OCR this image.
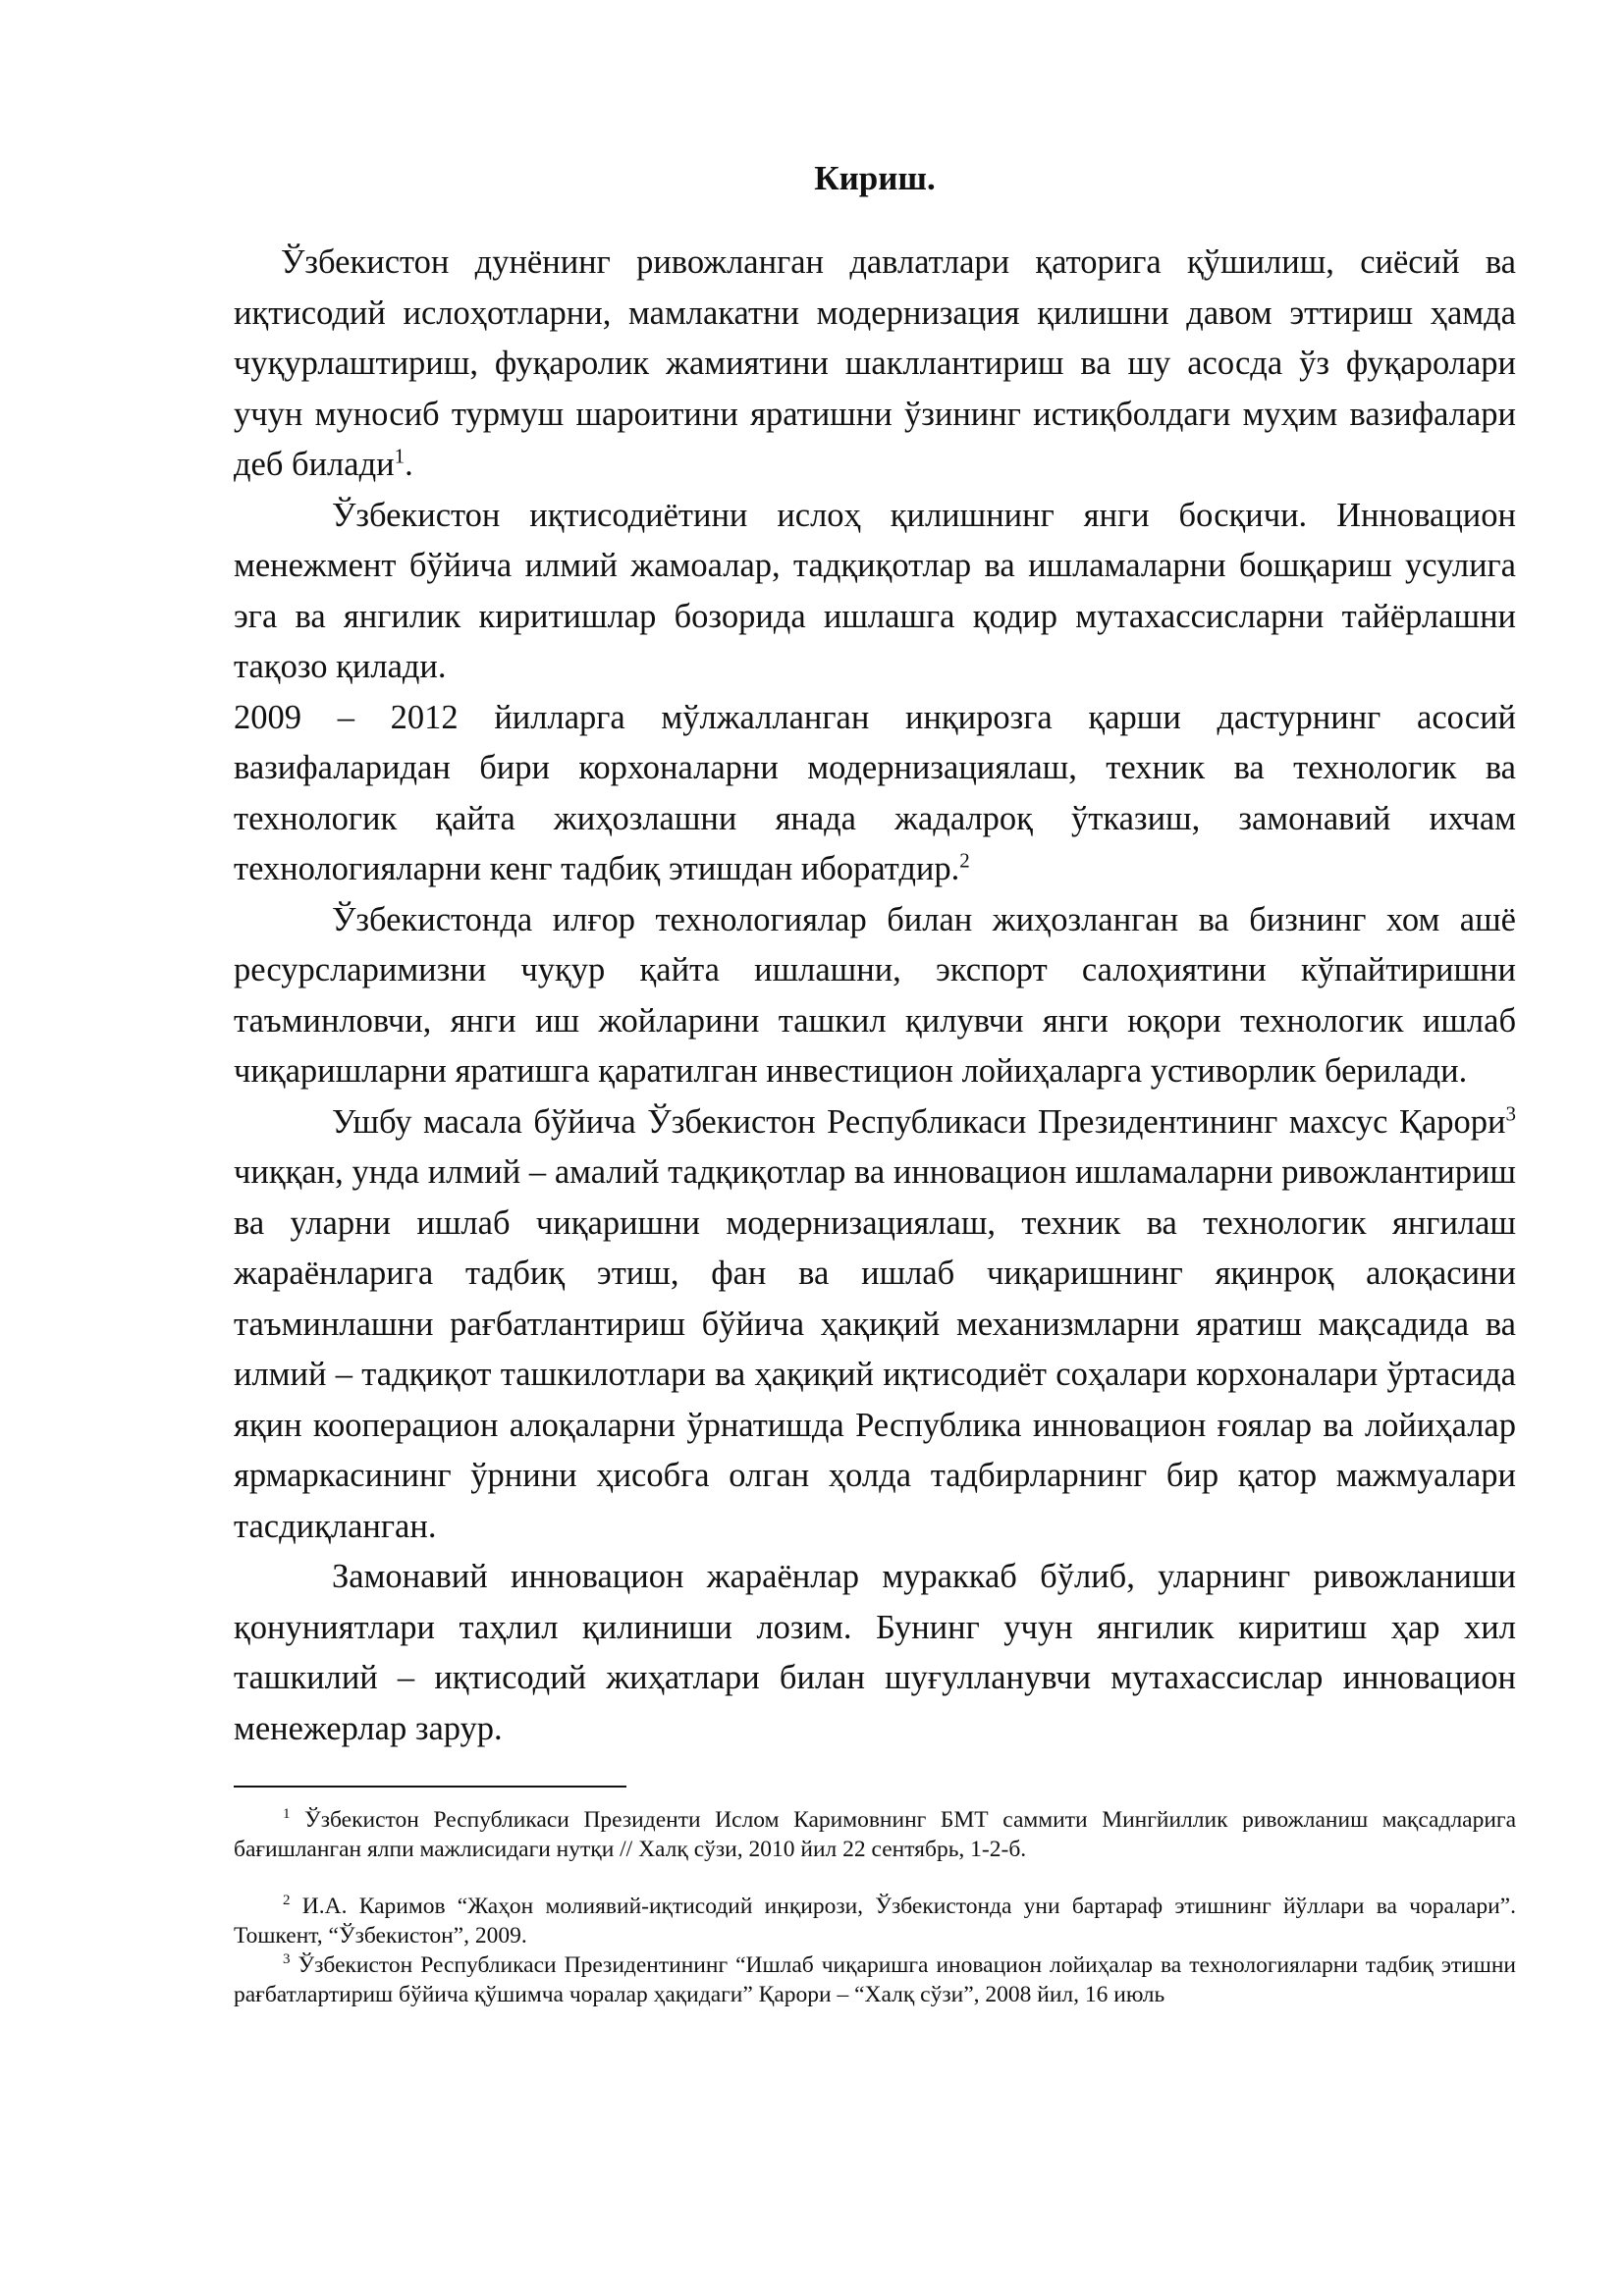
Кириш.

Ўзбекистон дунёнинг ривожланган давлатлари қаторига қўшилиш, сиёсий ва иқтисодий ислоҳотларни, мамлакатни модернизация қилишни давом эттириш ҳамда чуқурлаштириш, фуқаролик жамиятини шакллантириш ва шу асосда ўз фуқаролари учун муносиб турмуш шароитини яратишни ўзининг истиқболдаги муҳим вазифалари деб билади$^1$.

Ўзбекистон иқтисодиётини ислоҳ қилишнинг янги босқичи. Инновацион менежмент бўйича илмий жамоалар, тадқиқотлар ва ишламаларни бошқариш усулига эга ва янгилик киритишлар бозорида ишлашга қодир мутахассисларни тайёрлашни тақозо қилади.

2009 – 2012 йилларга мўлжалланган инқирозга қарши дастурнинг асосий вазифаларидан бири корхоналарни модернизациялаш, техник ва технологик ва технологик қайта жиҳозлашни янада жадалроқ ўтказиш, замонавий ихчам технологияларни кенг тадбиқ этишдан иборатдир.$^2$

Ўзбекистонда илғор технологиялар билан жиҳозланган ва бизнинг хом ашё ресурсларимизни чуқур қайта ишлашни, экспорт салоҳиятини кўпайтиришни таъминловчи, янги иш жойларини ташкил қилувчи янги юқори технологик ишлаб чиқаришларни яратишга қаратилган инвестицион лойиҳаларга устиворлик берилади.

Ушбу масала бўйича Ўзбекистон Республикаси Президентининг махсус Қарори$^3$ чиққан, унда илмий – амалий тадқиқотлар ва инновацион ишламаларни ривожлантириш ва уларни ишлаб чиқаришни модернизациялаш, техник ва технологик янгилаш жараёнларига тадбиқ этиш, фан ва ишлаб чиқаришнинг яқинроқ алоқасини таъминлашни рағбатлантириш бўйича ҳақиқий механизмларни яратиш мақсадида ва илмий – тадқиқот ташкилотлари ва ҳақиқий иқтисодиёт соҳалари корхоналари ўртасида яқин кооперацион алоқаларни ўрнатишда Республика инновацион ғоялар ва лойиҳалар ярмаркасининг ўрнини ҳисобга олган ҳолда тадбирларнинг бир қатор мажмуалари тасдиқланган.

Замонавий инновацион жараёнлар мураккаб бўлиб, уларнинг ривожланиши қонуниятлари таҳлил қилиниши лозим. Бунинг учун янгилик киритиш ҳар хил ташкилий – иқтисодий жиҳатлари билан шуғулланувчи мутахассислар инновацион менежерлар зарур.

$^1$ Ўзбекистон Республикаси Президенти Ислом Каримовнинг БМТ саммити Мингйиллик ривожланиш мақсадларига бағишланган ялпи мажлисидаги нутқи // Халқ сўзи, 2010 йил 22 сентябрь, 1-2-б.

$^2$ И.А. Каримов “Жаҳон молиявий-иқтисодий инқирози, Ўзбекистонда уни бартараф этишнинг йўллари ва чоралари”. Тошкент, “Ўзбекистон”, 2009.

$^3$ Ўзбекистон Республикаси Президентининг “Ишлаб чиқаришга иновацион лойиҳалар ва технологияларни тадбиқ этишни рағбатлартириш бўйича қўшимча чоралар ҳақидаги” Қарори – “Халқ сўзи”, 2008 йил, 16 июль
